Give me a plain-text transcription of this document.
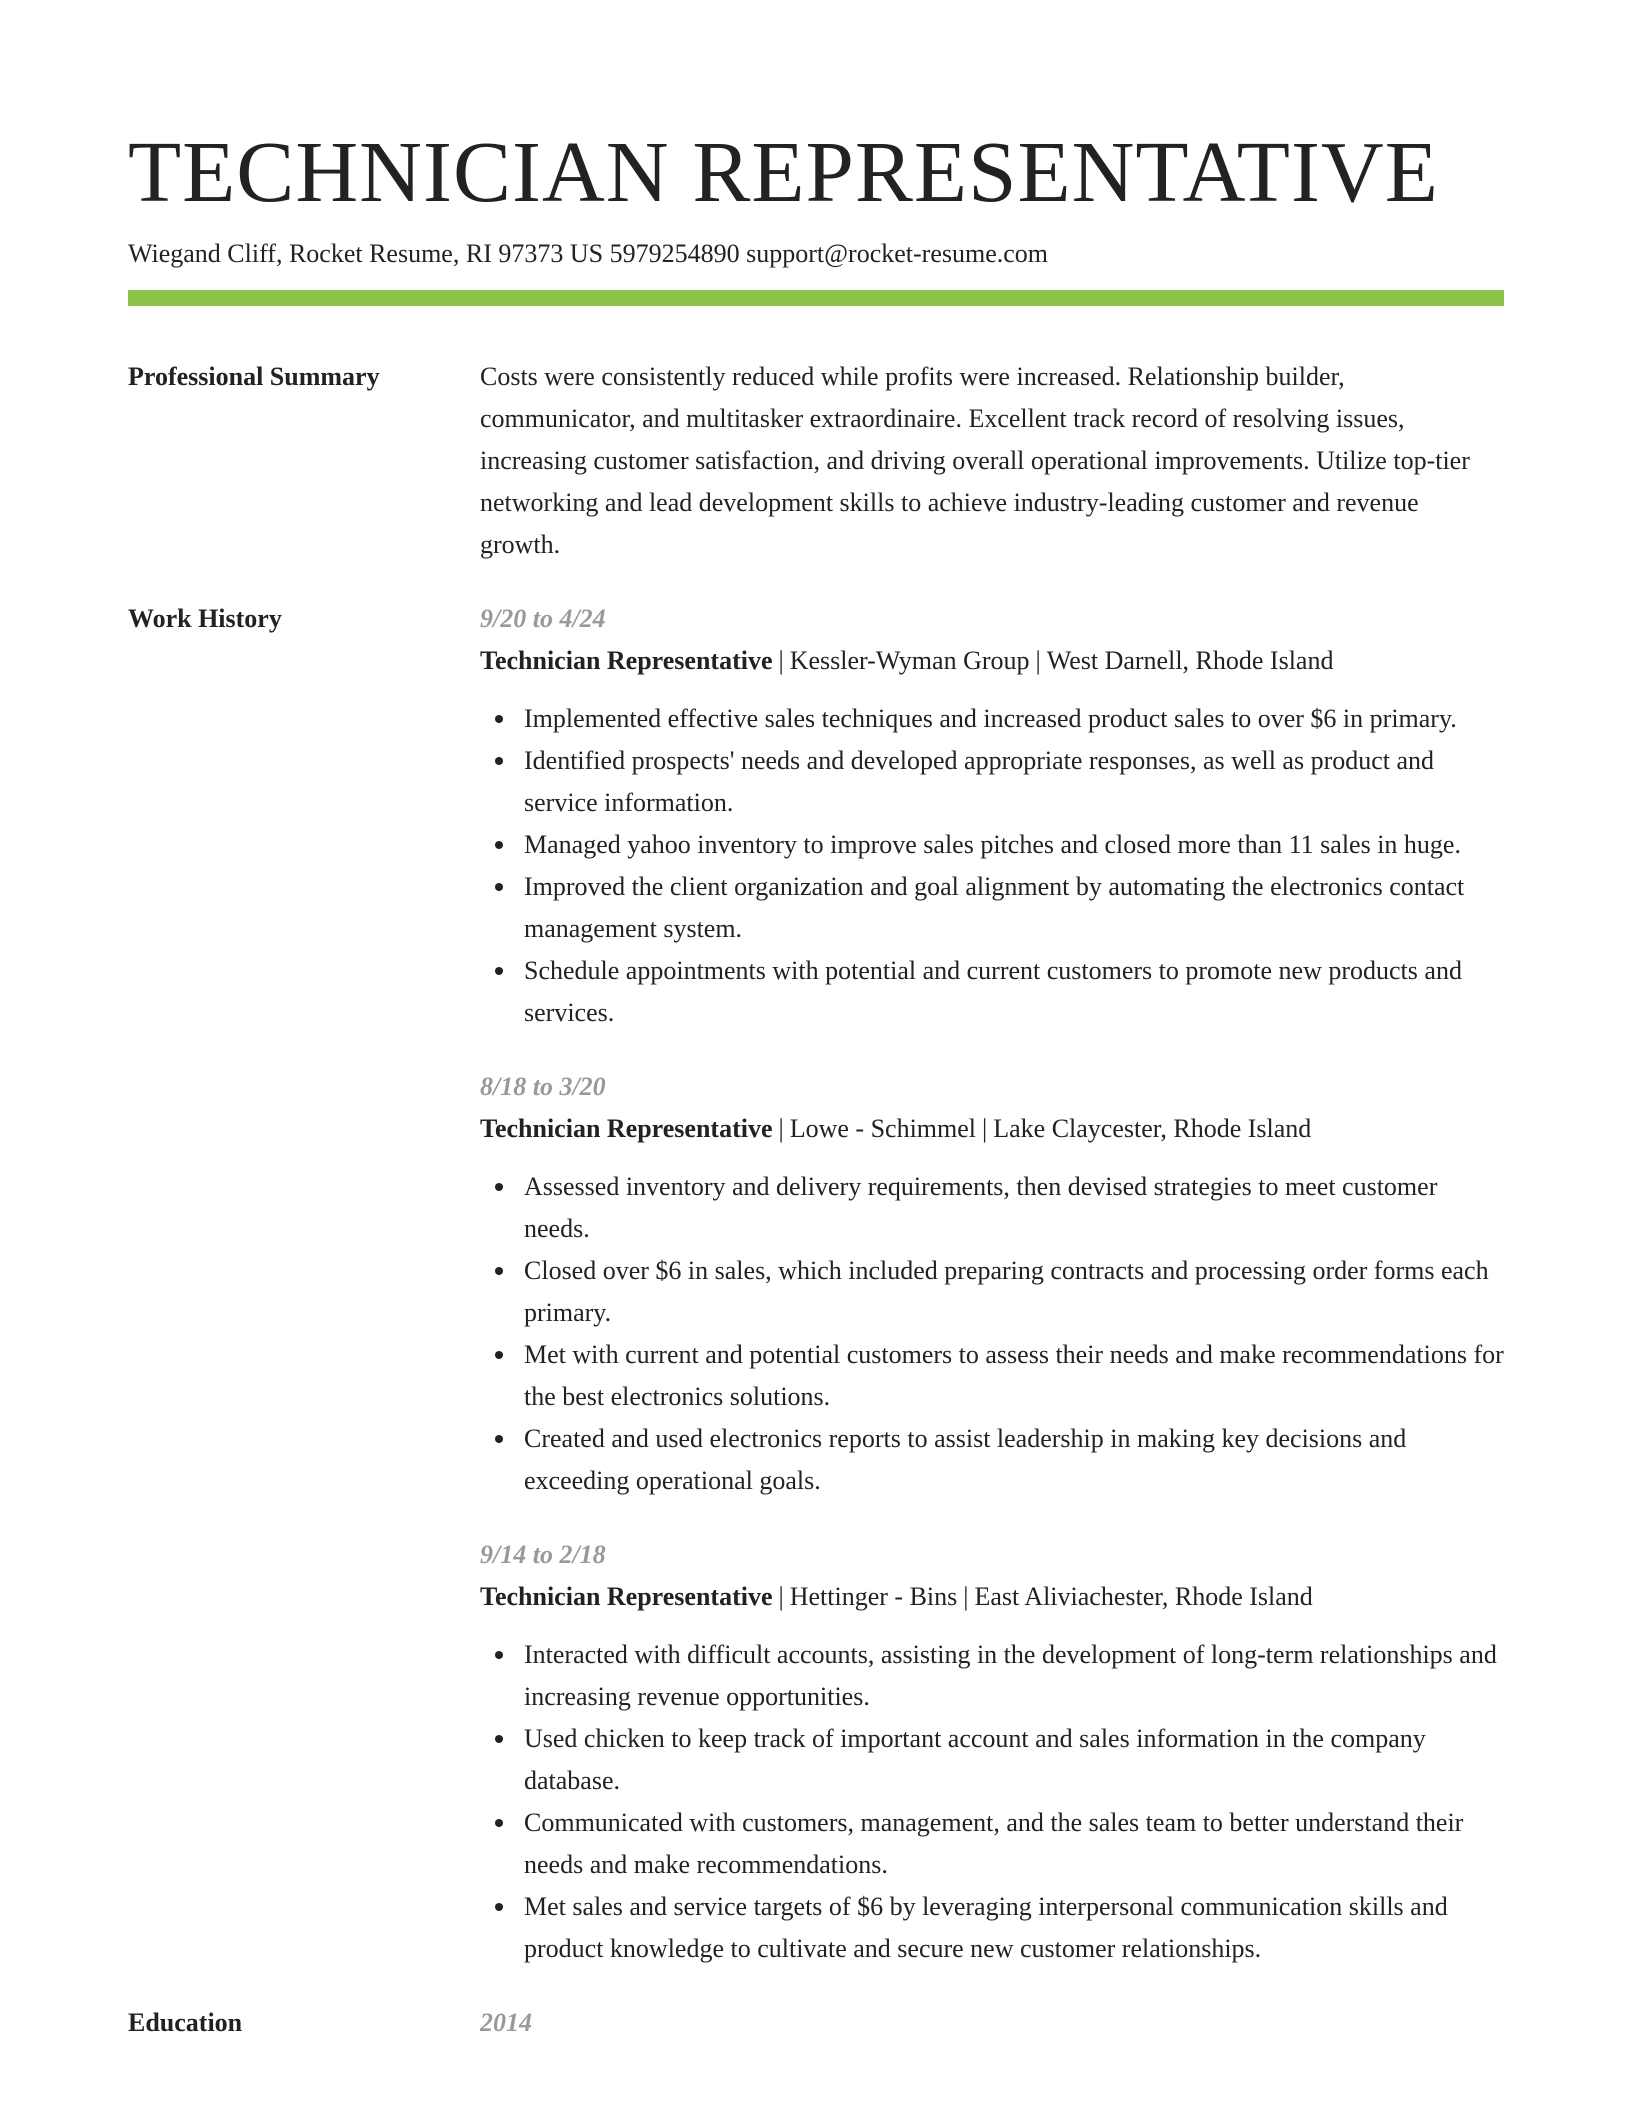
TECHNICIAN REPRESENTATIVE
Wiegand Cliff, Rocket Resume, RI 97373 US 5979254890 support@rocket-resume.com
Professional Summary	Costs were consistently reduced while profits were increased. Relationship builder, communicator, and multitasker extraordinaire. Excellent track record of resolving issues, increasing customer satisfaction, and driving overall operational improvements. Utilize top-tier networking and lead development skills to achieve industry-leading customer and revenue growth.
Work History	9/20 to 4/24
Technician Representative | Kessler-Wyman Group | West Darnell, Rhode Island
Implemented effective sales techniques and increased product sales to over $6 in primary.
Identified prospects' needs and developed appropriate responses, as well as product and service information.
Managed yahoo inventory to improve sales pitches and closed more than 11 sales in huge.
Improved the client organization and goal alignment by automating the electronics contact management system.
Schedule appointments with potential and current customers to promote new products and services.
8/18 to 3/20
Technician Representative | Lowe - Schimmel | Lake Claycester, Rhode Island
Assessed inventory and delivery requirements, then devised strategies to meet customer needs.
Closed over $6 in sales, which included preparing contracts and processing order forms each primary.
Met with current and potential customers to assess their needs and make recommendations for the best electronics solutions.
Created and used electronics reports to assist leadership in making key decisions and exceeding operational goals.
9/14 to 2/18
Technician Representative | Hettinger - Bins | East Aliviachester, Rhode Island
Interacted with difficult accounts, assisting in the development of long-term relationships and increasing revenue opportunities.
Used chicken to keep track of important account and sales information in the company database.
Communicated with customers, management, and the sales team to better understand their needs and make recommendations.
Met sales and service targets of $6 by leveraging interpersonal communication skills and product knowledge to cultivate and secure new customer relationships.
Education	2014
